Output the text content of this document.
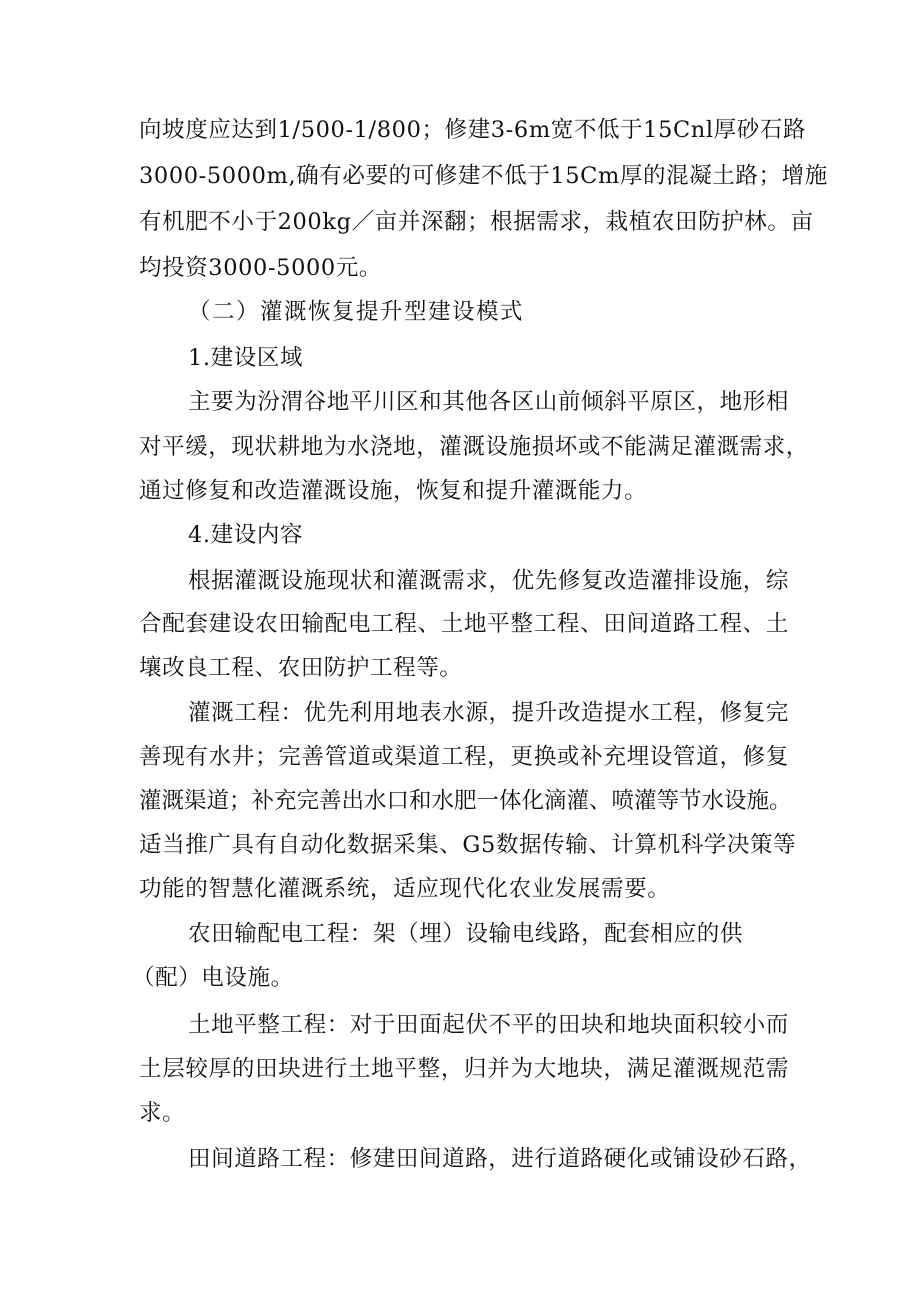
向坡度应达到1/500-1/800；修建3-6m宽不低于15Cnl厚砂石路
3000-5000m,确有必要的可修建不低于15Cm厚的混凝土路；增施
有机肥不小于200kg／亩并深翻；根据需求，栽植农田防护林。亩
均投资3000-5000元。
（二）灌溉恢复提升型建设模式
1.建设区域
主要为汾渭谷地平川区和其他各区山前倾斜平原区，地形相
对平缓，现状耕地为水浇地，灌溉设施损坏或不能满足灌溉需求，
通过修复和改造灌溉设施，恢复和提升灌溉能力。
4.建设内容
根据灌溉设施现状和灌溉需求，优先修复改造灌排设施，综
合配套建设农田输配电工程、土地平整工程、田间道路工程、土
壤改良工程、农田防护工程等。
灌溉工程：优先利用地表水源，提升改造提水工程，修复完
善现有水井；完善管道或渠道工程，更换或补充埋设管道，修复
灌溉渠道；补充完善出水口和水肥一体化滴灌、喷灌等节水设施。
适当推广具有自动化数据采集、G5数据传输、计算机科学决策等
功能的智慧化灌溉系统，适应现代化农业发展需要。
农田输配电工程：架（埋）设输电线路，配套相应的供
（配）电设施。
土地平整工程：对于田面起伏不平的田块和地块面积较小而
土层较厚的田块进行土地平整，归并为大地块，满足灌溉规范需
求。
田间道路工程：修建田间道路，进行道路硬化或铺设砂石路，
